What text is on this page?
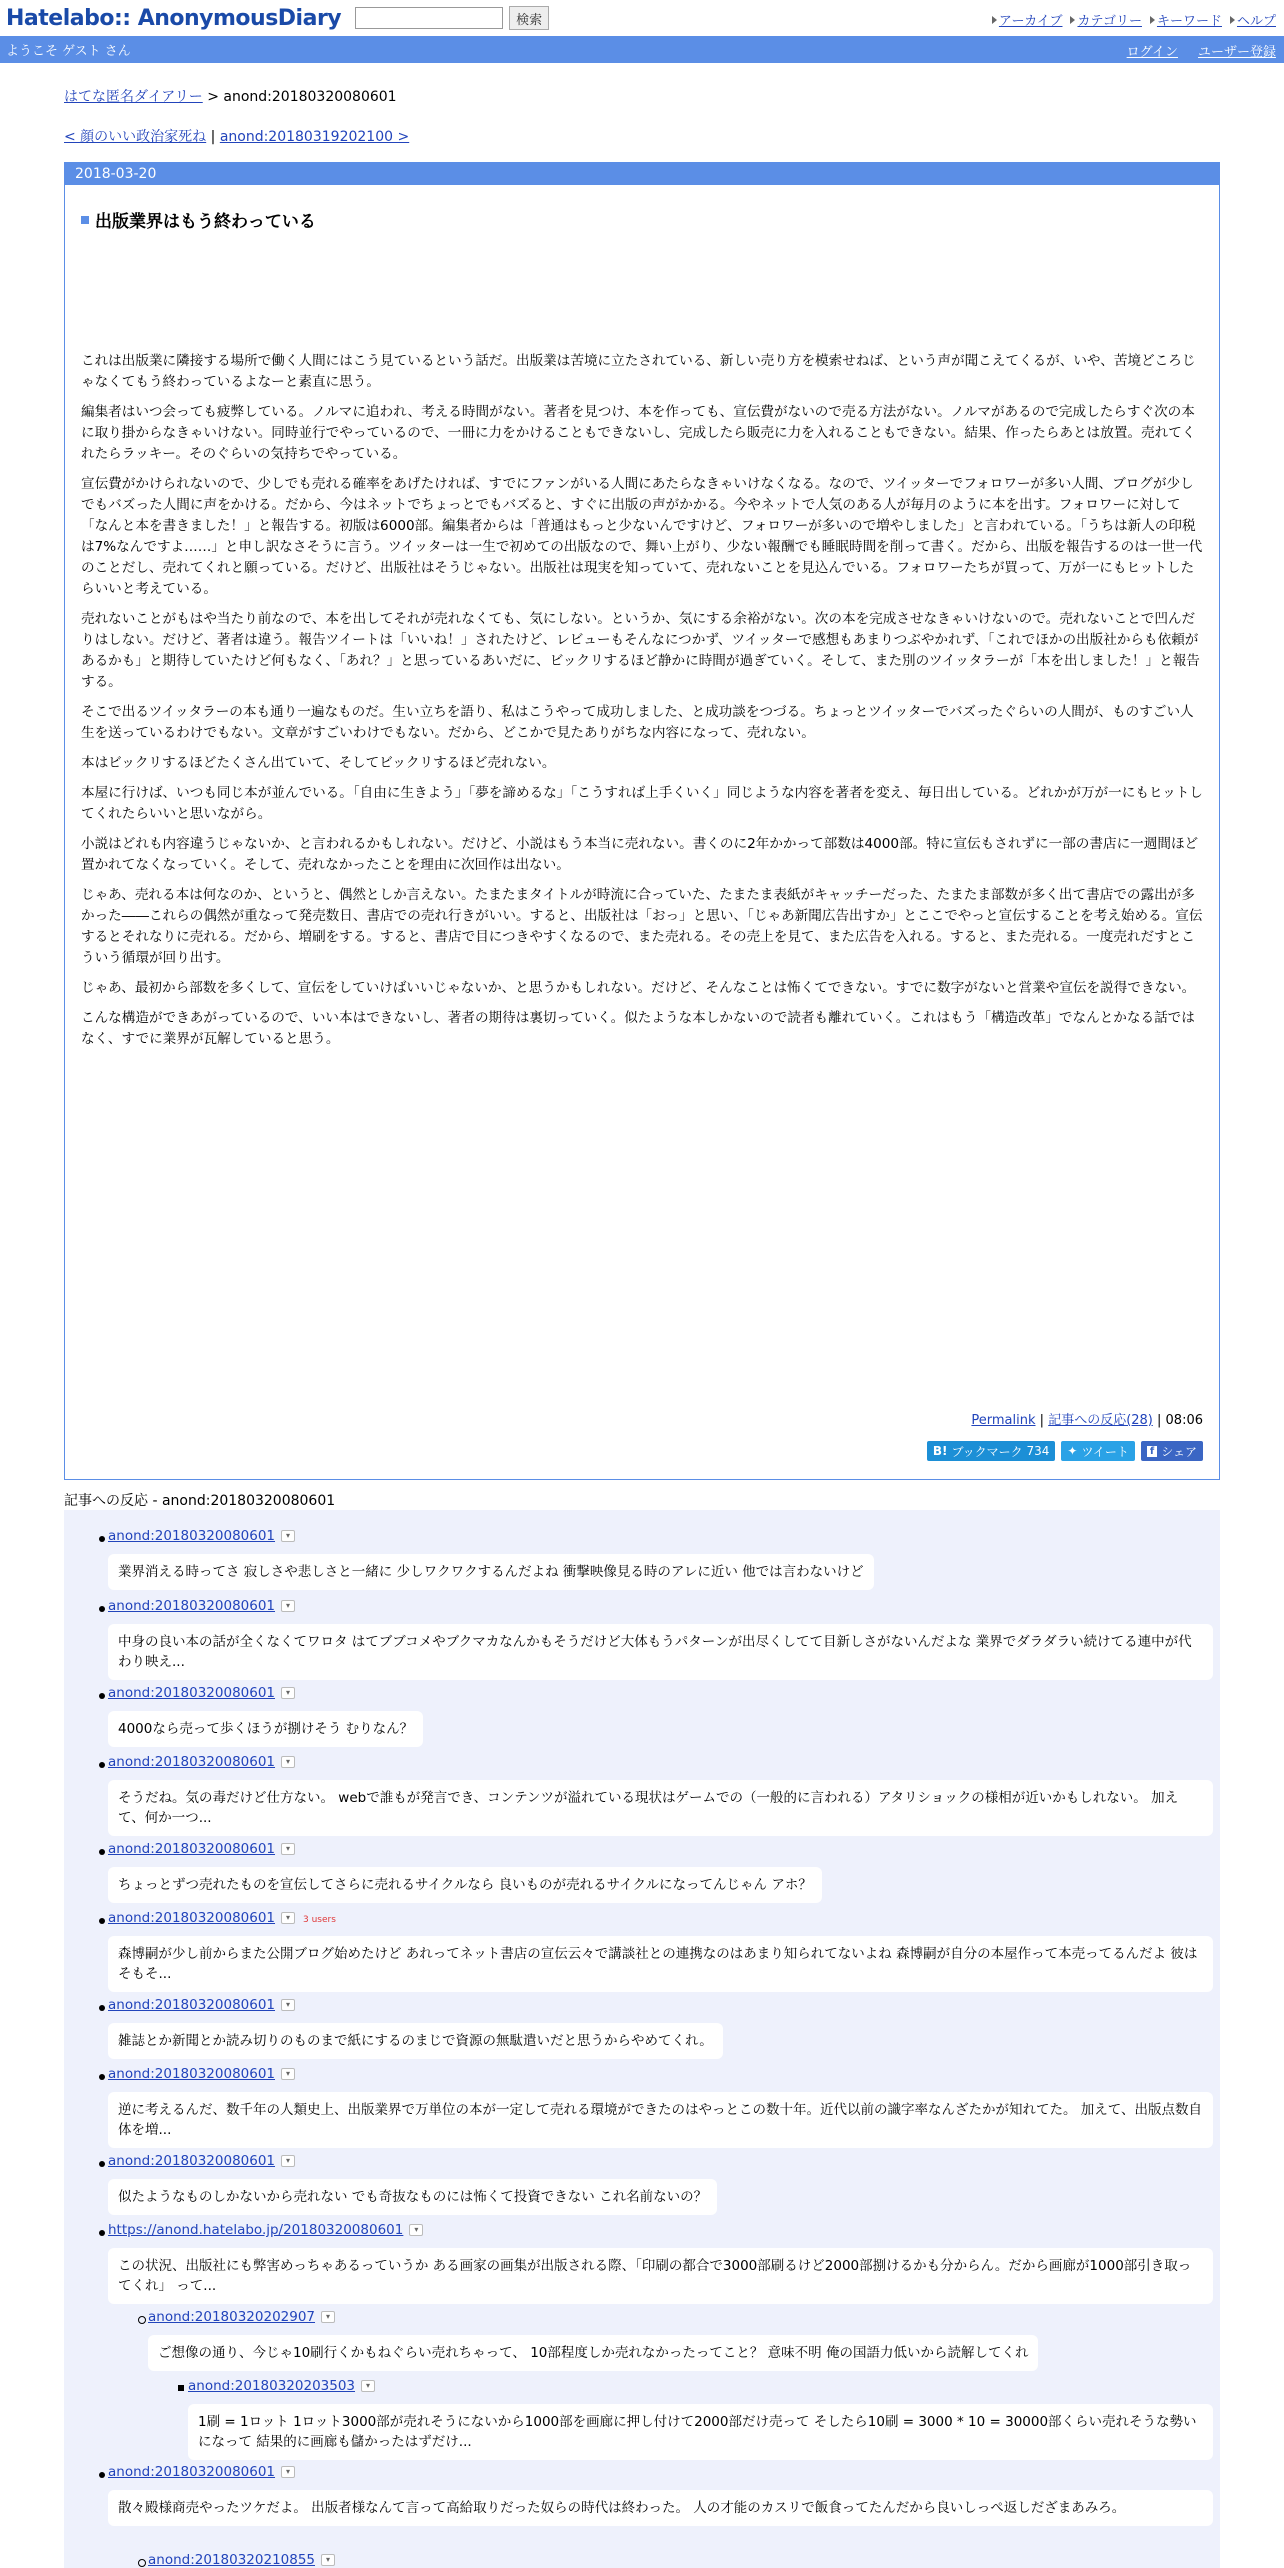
Hatelabo:: AnonymousDiary	検索	アーカイブ カテゴリー キーワード ヘルプ
ようこそ ゲスト さん	ログイン ユーザー登録
はてな匿名ダイアリー > anond:20180320080601
< 顔のいい政治家死ね | anond:20180319202100 >
2018-03-20
出版業界はもう終わっている

これは出版業に隣接する場所で働く人間にはこう見ているという話だ。出版業は苦境に立たされている、新しい売り方を模索せねば、という声が聞こえてくるが、いや、苦境どころじゃなくてもう終わっているよなーと素直に思う。

編集者はいつ会っても疲弊している。ノルマに追われ、考える時間がない。著者を見つけ、本を作っても、宣伝費がないので売る方法がない。ノルマがあるので完成したらすぐ次の本に取り掛からなきゃいけない。同時並行でやっているので、一冊に力をかけることもできないし、完成したら販売に力を入れることもできない。結果、作ったらあとは放置。売れてくれたらラッキー。そのぐらいの気持ちでやっている。

宣伝費がかけられないので、少しでも売れる確率をあげたければ、すでにファンがいる人間にあたらなきゃいけなくなる。なので、ツイッターでフォロワーが多い人間、ブログが少しでもバズった人間に声をかける。だから、今はネットでちょっとでもバズると、すぐに出版の声がかかる。今やネットで人気のある人が毎月のように本を出す。フォロワーに対して「なんと本を書きました！」と報告する。初版は6000部。編集者からは「普通はもっと少ないんですけど、フォロワーが多いので増やしました」と言われている。「うちは新人の印税は7%なんですよ……」と申し訳なさそうに言う。ツイッターは一生で初めての出版なので、舞い上がり、少ない報酬でも睡眠時間を削って書く。だから、出版を報告するのは一世一代のことだし、売れてくれと願っている。だけど、出版社はそうじゃない。出版社は現実を知っていて、売れないことを見込んでいる。フォロワーたちが買って、万が一にもヒットしたらいいと考えている。

売れないことがもはや当たり前なので、本を出してそれが売れなくても、気にしない。というか、気にする余裕がない。次の本を完成させなきゃいけないので。売れないことで凹んだりはしない。だけど、著者は違う。報告ツイートは「いいね！」されたけど、レビューもそんなにつかず、ツイッターで感想もあまりつぶやかれず、「これでほかの出版社からも依頼があるかも」と期待していたけど何もなく、「あれ？」と思っているあいだに、ビックリするほど静かに時間が過ぎていく。そして、また別のツイッタラーが「本を出しました！」と報告する。

そこで出るツイッタラーの本も通り一遍なものだ。生い立ちを語り、私はこうやって成功しました、と成功談をつづる。ちょっとツイッターでバズったぐらいの人間が、ものすごい人生を送っているわけでもない。文章がすごいわけでもない。だから、どこかで見たありがちな内容になって、売れない。

本はビックリするほどたくさん出ていて、そしてビックリするほど売れない。

本屋に行けば、いつも同じ本が並んでいる。「自由に生きよう」「夢を諦めるな」「こうすれば上手くいく」同じような内容を著者を変え、毎日出している。どれかが万が一にもヒットしてくれたらいいと思いながら。

小説はどれも内容違うじゃないか、と言われるかもしれない。だけど、小説はもう本当に売れない。書くのに2年かかって部数は4000部。特に宣伝もされずに一部の書店に一週間ほど置かれてなくなっていく。そして、売れなかったことを理由に次回作は出ない。

じゃあ、売れる本は何なのか、というと、偶然としか言えない。たまたまタイトルが時流に合っていた、たまたま表紙がキャッチーだった、たまたま部数が多く出て書店での露出が多かった――これらの偶然が重なって発売数日、書店での売れ行きがいい。すると、出版社は「おっ」と思い、「じゃあ新聞広告出すか」とここでやっと宣伝することを考え始める。宣伝するとそれなりに売れる。だから、増刷をする。すると、書店で目につきやすくなるので、また売れる。その売上を見て、また広告を入れる。すると、また売れる。一度売れだすとこういう循環が回り出す。

じゃあ、最初から部数を多くして、宣伝をしていけばいいじゃないか、と思うかもしれない。だけど、そんなことは怖くてできない。すでに数字がないと営業や宣伝を説得できない。

こんな構造ができあがっているので、いい本はできないし、著者の期待は裏切っていく。似たような本しかないので読者も離れていく。これはもう「構造改革」でなんとかなる話ではなく、すでに業界が瓦解していると思う。

Permalink | 記事への反応(28) | 08:06
B! ブックマーク
734 ✦ ツイート	f シェア
記事への反応 - anond:20180320080601
anond:20180320080601 ▾
業界消える時ってさ 寂しさや悲しさと一緒に 少しワクワクするんだよね 衝撃映像見る時のアレに近い 他では言わないけど
anond:20180320080601 ▾
中身の良い本の話が全くなくてワロタ はてブブコメやブクマカなんかもそうだけど大体もうパターンが出尽くしてて目新しさがないんだよな 業界でダラダラい続けてる連中が代わり映え...
anond:20180320080601 ▾
4000なら売って歩くほうが捌けそう むりなん？
anond:20180320080601 ▾
そうだね。気の毒だけど仕方ない。 webで誰もが発言でき、コンテンツが溢れている現状はゲームでの（一般的に言われる）アタリショックの様相が近いかもしれない。 加えて、何か一つ...
anond:20180320080601 ▾
ちょっとずつ売れたものを宣伝してさらに売れるサイクルなら 良いものが売れるサイクルになってんじゃん アホ？
anond:20180320080601 ▾ 3 users
森博嗣が少し前からまた公開ブログ始めたけど あれってネット書店の宣伝云々で講談社との連携なのはあまり知られてないよね 森博嗣が自分の本屋作って本売ってるんだよ 彼はそもそ...
anond:20180320080601 ▾
雑誌とか新聞とか読み切りのものまで紙にするのまじで資源の無駄遣いだと思うからやめてくれ。
anond:20180320080601 ▾
逆に考えるんだ、数千年の人類史上、出版業界で万単位の本が一定して売れる環境ができたのはやっとこの数十年。近代以前の識字率なんざたかが知れてた。 加えて、出版点数自体を増...
anond:20180320080601 ▾
似たようなものしかないから売れない でも奇抜なものには怖くて投資できない これ名前ないの？
https://anond.hatelabo.jp/20180320080601 ▾
この状況、出版社にも弊害めっちゃあるっていうか ある画家の画集が出版される際、「印刷の都合で3000部刷るけど2000部捌けるかも分からん。だから画廊が1000部引き取ってくれ」 って...
anond:20180320202907 ▾
ご想像の通り、今じゃ10刷行くかもねぐらい売れちゃって、 10部程度しか売れなかったってこと？ 意味不明 俺の国語力低いから読解してくれ
anond:20180320203503 ▾
1刷 = 1ロット 1ロット3000部が売れそうにないから1000部を画廊に押し付けて2000部だけ売って そしたら10刷 = 3000 * 10 = 30000部くらい売れそうな勢いになって 結果的に画廊も儲かったはずだけ...
anond:20180320080601 ▾
散々殿様商売やったツケだよ。 出版者様なんて言って高給取りだった奴らの時代は終わった。 人の才能のカスリで飯食ってたんだから良いしっぺ返しだざまあみろ。
anond:20180320210855 ▾
